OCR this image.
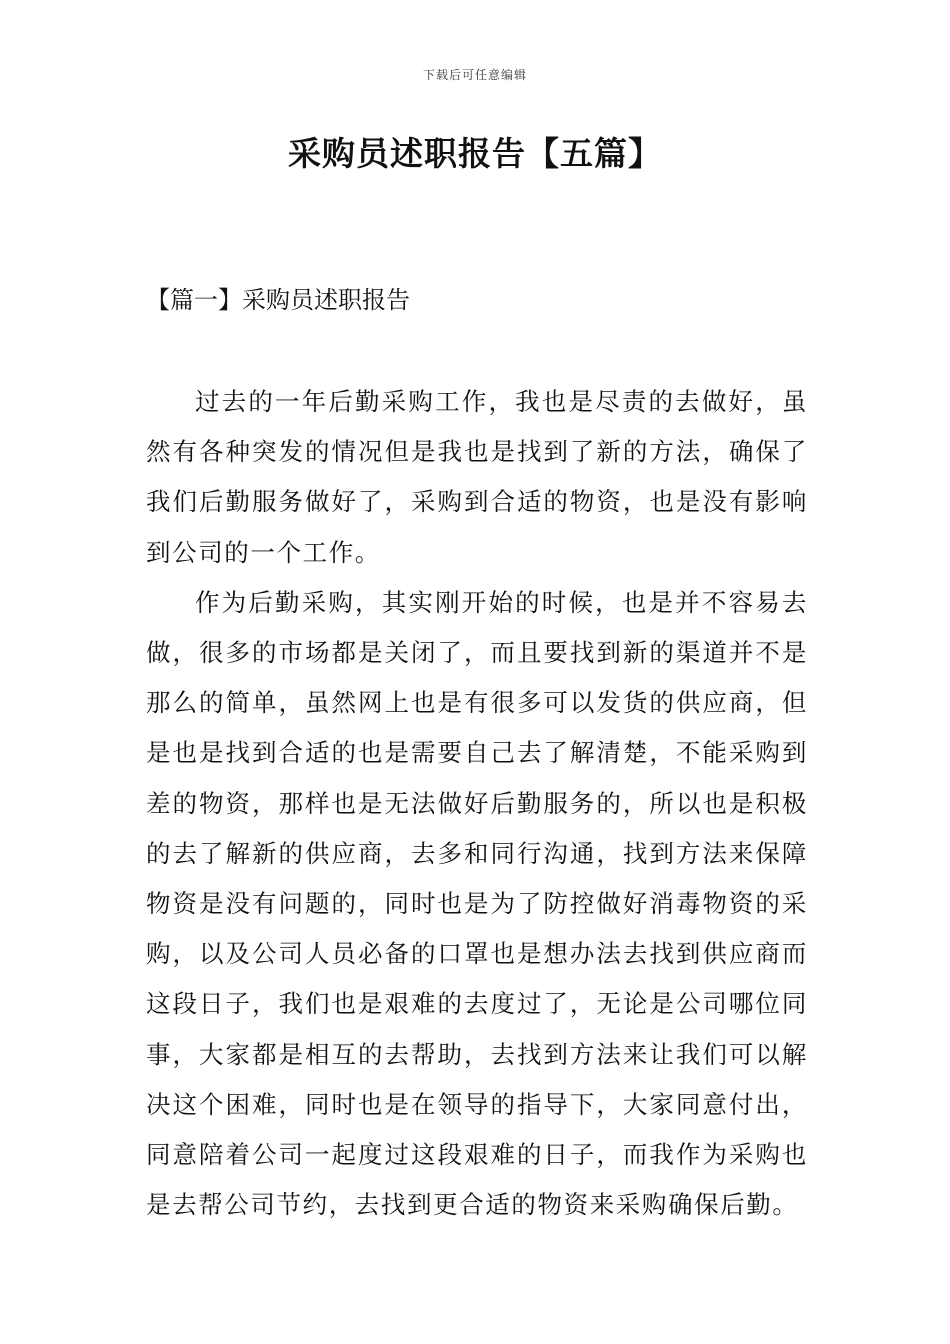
下载后可任意编辑
采购员述职报告【五篇】
【篇一】采购员述职报告

过去的一年后勤采购工作，我也是尽责的去做好，虽然有各种突发的情况但是我也是找到了新的方法，确保了我们后勤服务做好了，采购到合适的物资，也是没有影响到公司的一个工作。

作为后勤采购，其实刚开始的时候，也是并不容易去做，很多的市场都是关闭了，而且要找到新的渠道并不是那么的简单，虽然网上也是有很多可以发货的供应商，但是也是找到合适的也是需要自己去了解清楚，不能采购到差的物资，那样也是无法做好后勤服务的，所以也是积极的去了解新的供应商，去多和同行沟通，找到方法来保障物资是没有问题的，同时也是为了防控做好消毒物资的采购，以及公司人员必备的口罩也是想办法去找到供应商而这段日子，我们也是艰难的去度过了，无论是公司哪位同事，大家都是相互的去帮助，去找到方法来让我们可以解决这个困难，同时也是在领导的指导下，大家同意付出，同意陪着公司一起度过这段艰难的日子，而我作为采购也是去帮公司节约，去找到更合适的物资来采购确保后勤。
